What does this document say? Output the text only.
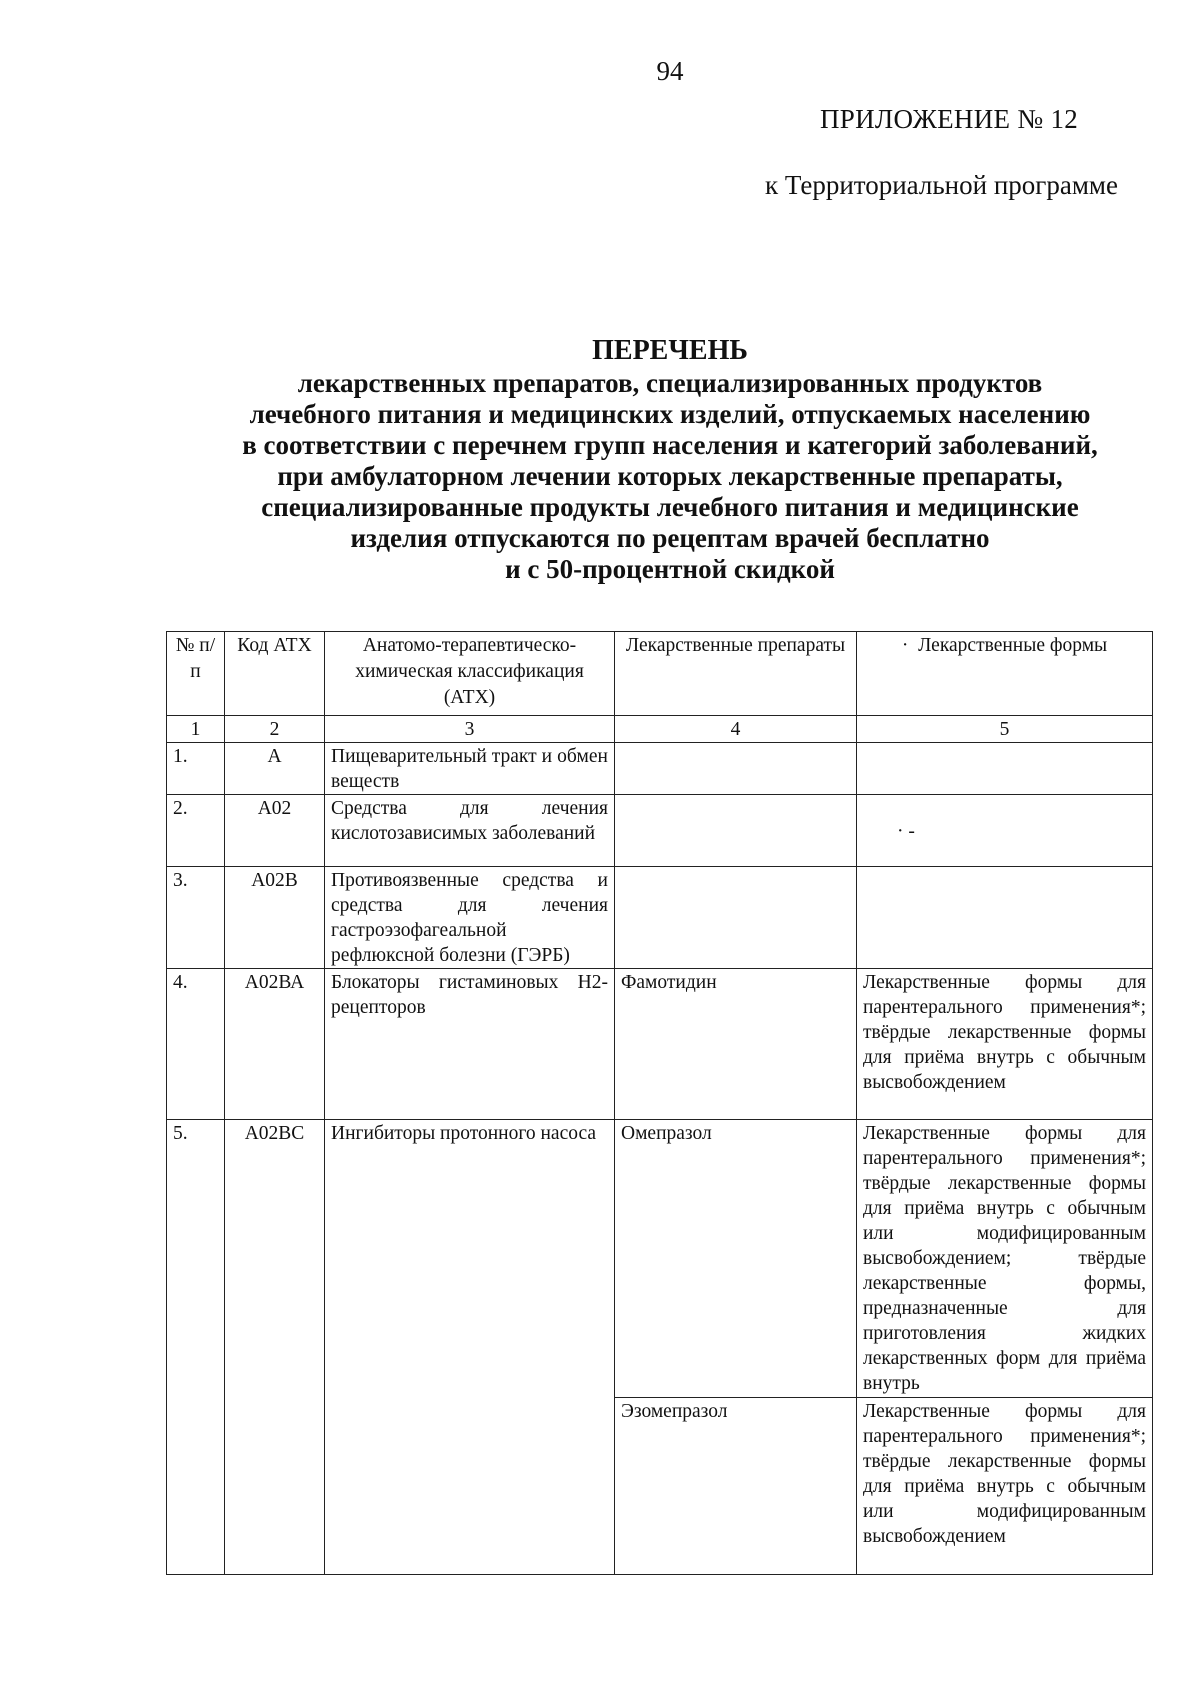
94
ПРИЛОЖЕНИЕ № 12
к Территориальной программе
ПЕРЕЧЕНЬ
лекарственных препаратов, специализированных продуктов
лечебного питания и медицинских изделий, отпускаемых населению
в соответствии с перечнем групп населения и категорий заболеваний,
при амбулаторном лечении которых лекарственные препараты,
специализированные продукты лечебного питания и медицинские
изделия отпускаются по рецептам врачей бесплатно
и с 50-процентной скидкой
№ п/п	Код АТХ	Анатомо-терапевтическо-химическая классификация (АТХ)	Лекарственные препараты	· Лекарственные формы
1	2	3	4	5
1.	А	Пищеварительный тракт и обмен веществ		
2.	А02	Средства для лечения кислотозависимых заболеваний		· -
3.	А02В	Противоязвенные средства и средства для лечения гастроэзофагеальной рефлюксной болезни (ГЭРБ)		
4.	А02ВА	Блокаторы гистаминовых Н2-рецепторов	Фамотидин	Лекарственные формы для парентерального применения*; твёрдые лекарственные формы для приёма внутрь с обычным высвобождением
5.	А02ВС	Ингибиторы протонного насоса	Омепразол	Лекарственные формы для парентерального применения*; твёрдые лекарственные формы для приёма внутрь с обычным или модифицированным высвобождением; твёрдые лекарственные формы, предназначенные для приготовления жидких лекарственных форм для приёма внутрь
			Эзомепразол	Лекарственные формы для парентерального применения*; твёрдые лекарственные формы для приёма внутрь с обычным или модифицированным высвобождением
